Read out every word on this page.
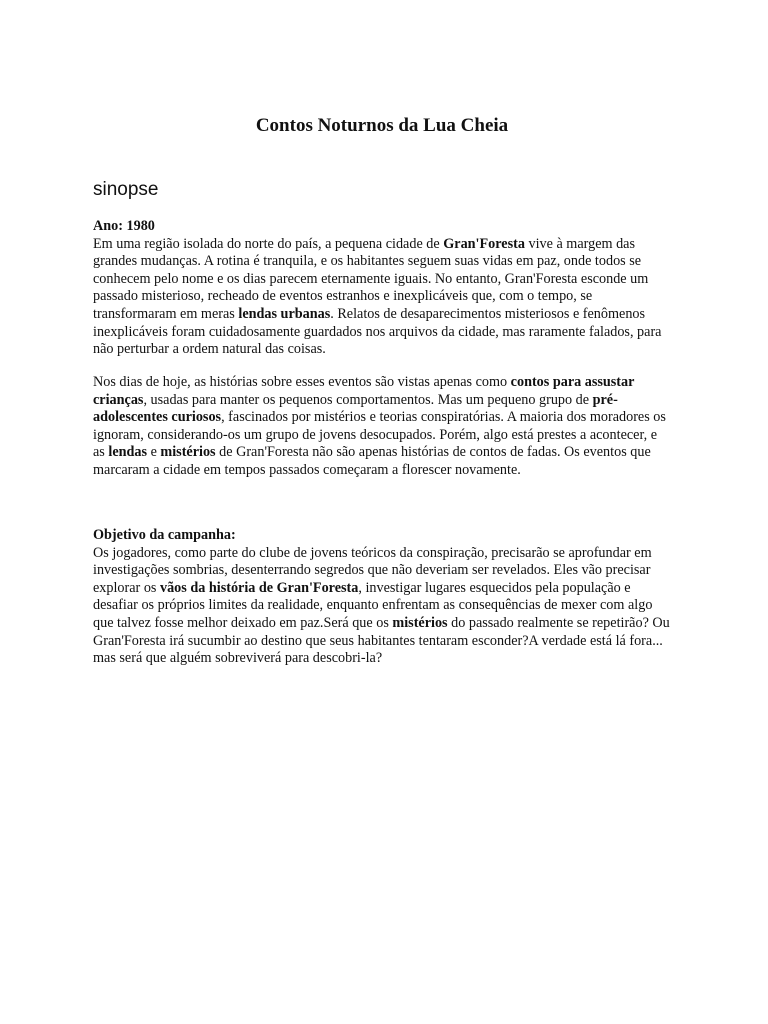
Contos Noturnos da Lua Cheia
sinopse

Ano: 1980

Em uma região isolada do norte do país, a pequena cidade de Gran'Foresta vive à margem das grandes mudanças. A rotina é tranquila, e os habitantes seguem suas vidas em paz, onde todos se conhecem pelo nome e os dias parecem eternamente iguais. No entanto, Gran'Foresta esconde um passado misterioso, recheado de eventos estranhos e inexplicáveis que, com o tempo, se transformaram em meras lendas urbanas. Relatos de desaparecimentos misteriosos e fenômenos inexplicáveis foram cuidadosamente guardados nos arquivos da cidade, mas raramente falados, para não perturbar a ordem natural das coisas.

Nos dias de hoje, as histórias sobre esses eventos são vistas apenas como contos para assustar crianças, usadas para manter os pequenos comportamentos. Mas um pequeno grupo de pré-adolescentes curiosos, fascinados por mistérios e teorias conspiratórias. A maioria dos moradores os ignoram, considerando-os um grupo de jovens desocupados. Porém, algo está prestes a acontecer, e as lendas e mistérios de Gran'Foresta não são apenas histórias de contos de fadas. Os eventos que marcaram a cidade em tempos passados começaram a florescer novamente.

Objetivo da campanha:

Os jogadores, como parte do clube de jovens teóricos da conspiração, precisarão se aprofundar em investigações sombrias, desenterrando segredos que não deveriam ser revelados. Eles vão precisar explorar os vãos da história de Gran'Foresta, investigar lugares esquecidos pela população e desafiar os próprios limites da realidade, enquanto enfrentam as consequências de mexer com algo que talvez fosse melhor deixado em paz.Será que os mistérios do passado realmente se repetirão? Ou Gran'Foresta irá sucumbir ao destino que seus habitantes tentaram esconder?A verdade está lá fora... mas será que alguém sobreviverá para descobri-la?
